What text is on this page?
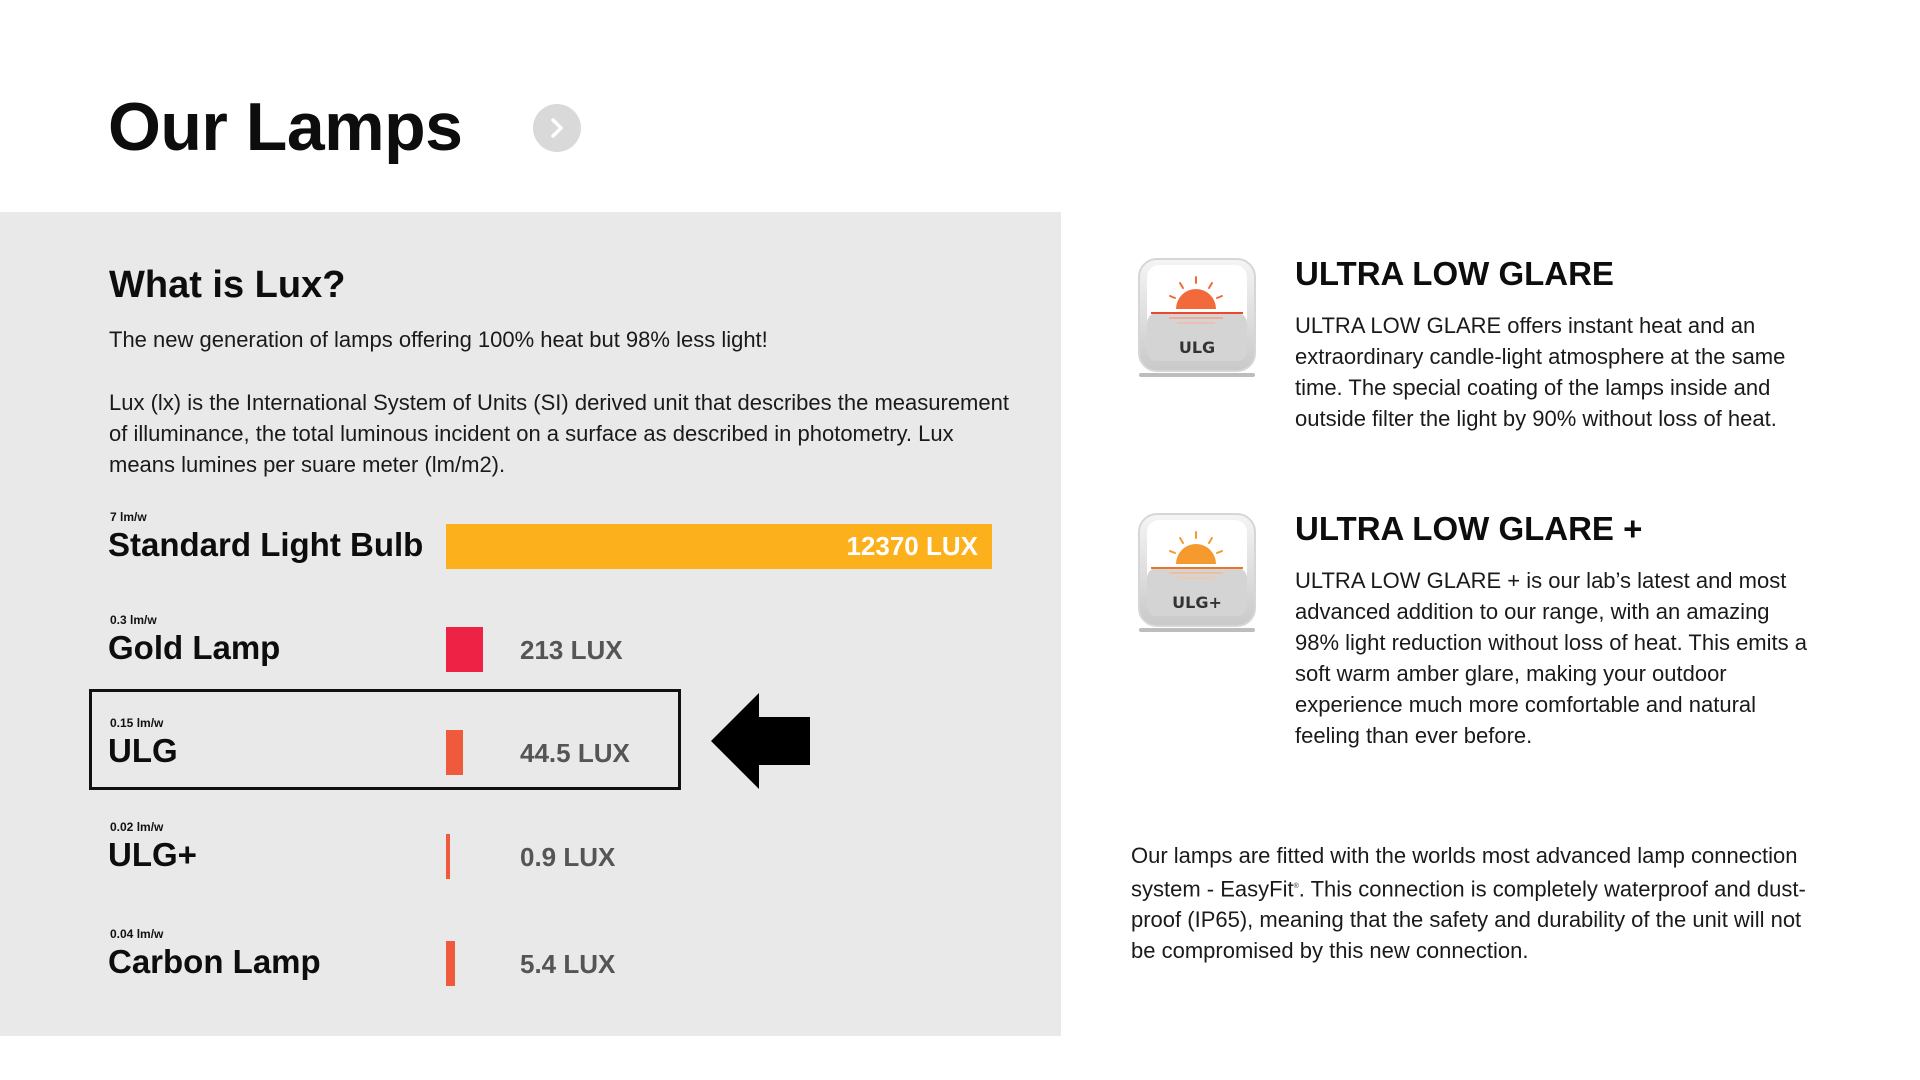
Our Lamps
What is Lux?

The new generation of lamps offering 100% heat but 98% less light!

Lux (lx) is the International System of Units (SI) derived unit that describes the measurement of illuminance, the total luminous incident on a surface as described in photometry. Lux means lumines per suare meter (lm/m2).

7 lm/w
Standard Light Bulb	12370 LUX
0.3 lm/w
Gold Lamp	213 LUX
0.15 lm/w
ULG	44.5 LUX
0.02 lm/w
ULG+	0.9 LUX
0.04 lm/w
Carbon Lamp	5.4 LUX
ULG
ULTRA LOW GLARE

ULTRA LOW GLARE offers instant heat and an extraordinary candle-light atmosphere at the same time. The special coating of the lamps inside and outside filter the light by 90% without loss of heat.

ULG+
ULTRA LOW GLARE +

ULTRA LOW GLARE + is our lab’s latest and most advanced addition to our range, with an amazing 98% light reduction without loss of heat. This emits a soft warm amber glare, making your outdoor experience much more comfortable and natural feeling than ever before.

Our lamps are fitted with the worlds most advanced lamp connection system - EasyFit®. This connection is completely waterproof and dust-proof (IP65), meaning that the safety and durability of the unit will not be compromised by this new connection.
